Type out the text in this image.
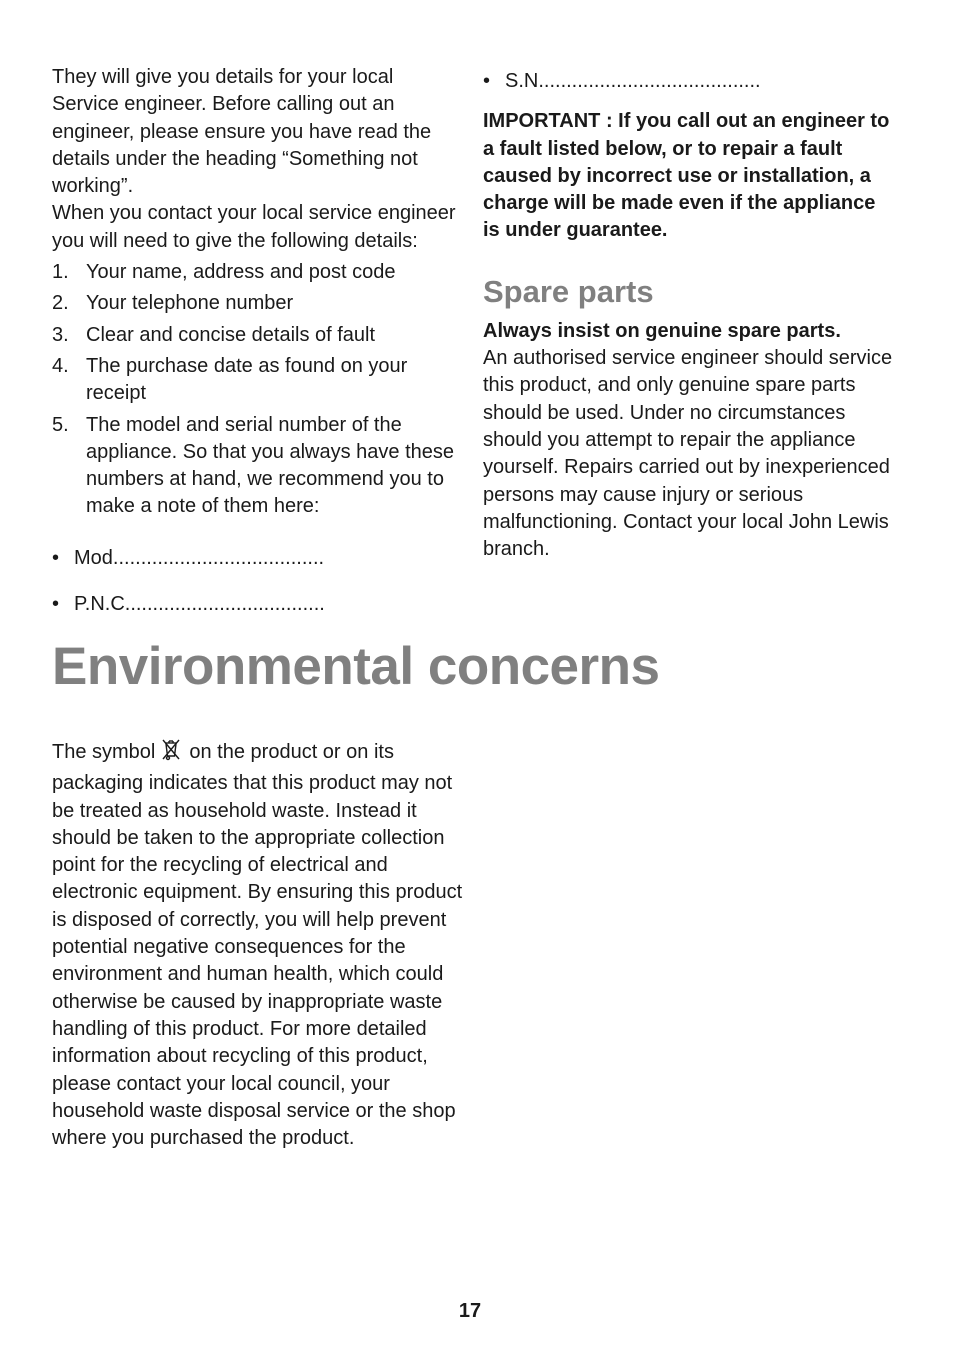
They will give you details for your local Service engineer. Before calling out an engineer, please ensure you have read the details under the heading “Something not working”.

When you contact your local service engineer you will need to give the following details:

1. Your name, address and post code
2. Your telephone number
3. Clear and concise details of fault
4. The purchase date as found on your receipt
5. The model and serial number of the appliance. So that you always have these numbers at hand, we recommend you to make a note of them here:
• Mod......................................
• P.N.C....................................
• S.N........................................

IMPORTANT : If you call out an engineer to a fault listed below, or to repair a fault caused by incorrect use or installation, a charge will be made even if the appliance is under guarantee.

Spare parts

Always insist on genuine spare parts.
An authorised service engineer should service this product, and only genuine spare parts should be used. Under no circumstances should you attempt to repair the appliance yourself. Repairs carried out by inexperienced persons may cause injury or serious malfunctioning. Contact your local John Lewis branch.

Environmental concerns

The symbol on the product or on its packaging indicates that this product may not be treated as household waste. Instead it should be taken to the appropriate collection point for the recycling of electrical and electronic equipment. By ensuring this product is disposed of correctly, you will help prevent potential negative consequences for the environment and human health, which could otherwise be caused by inappropriate waste handling of this product. For more detailed information about recycling of this product, please contact your local council, your household waste disposal service or the shop where you purchased the product.

17
